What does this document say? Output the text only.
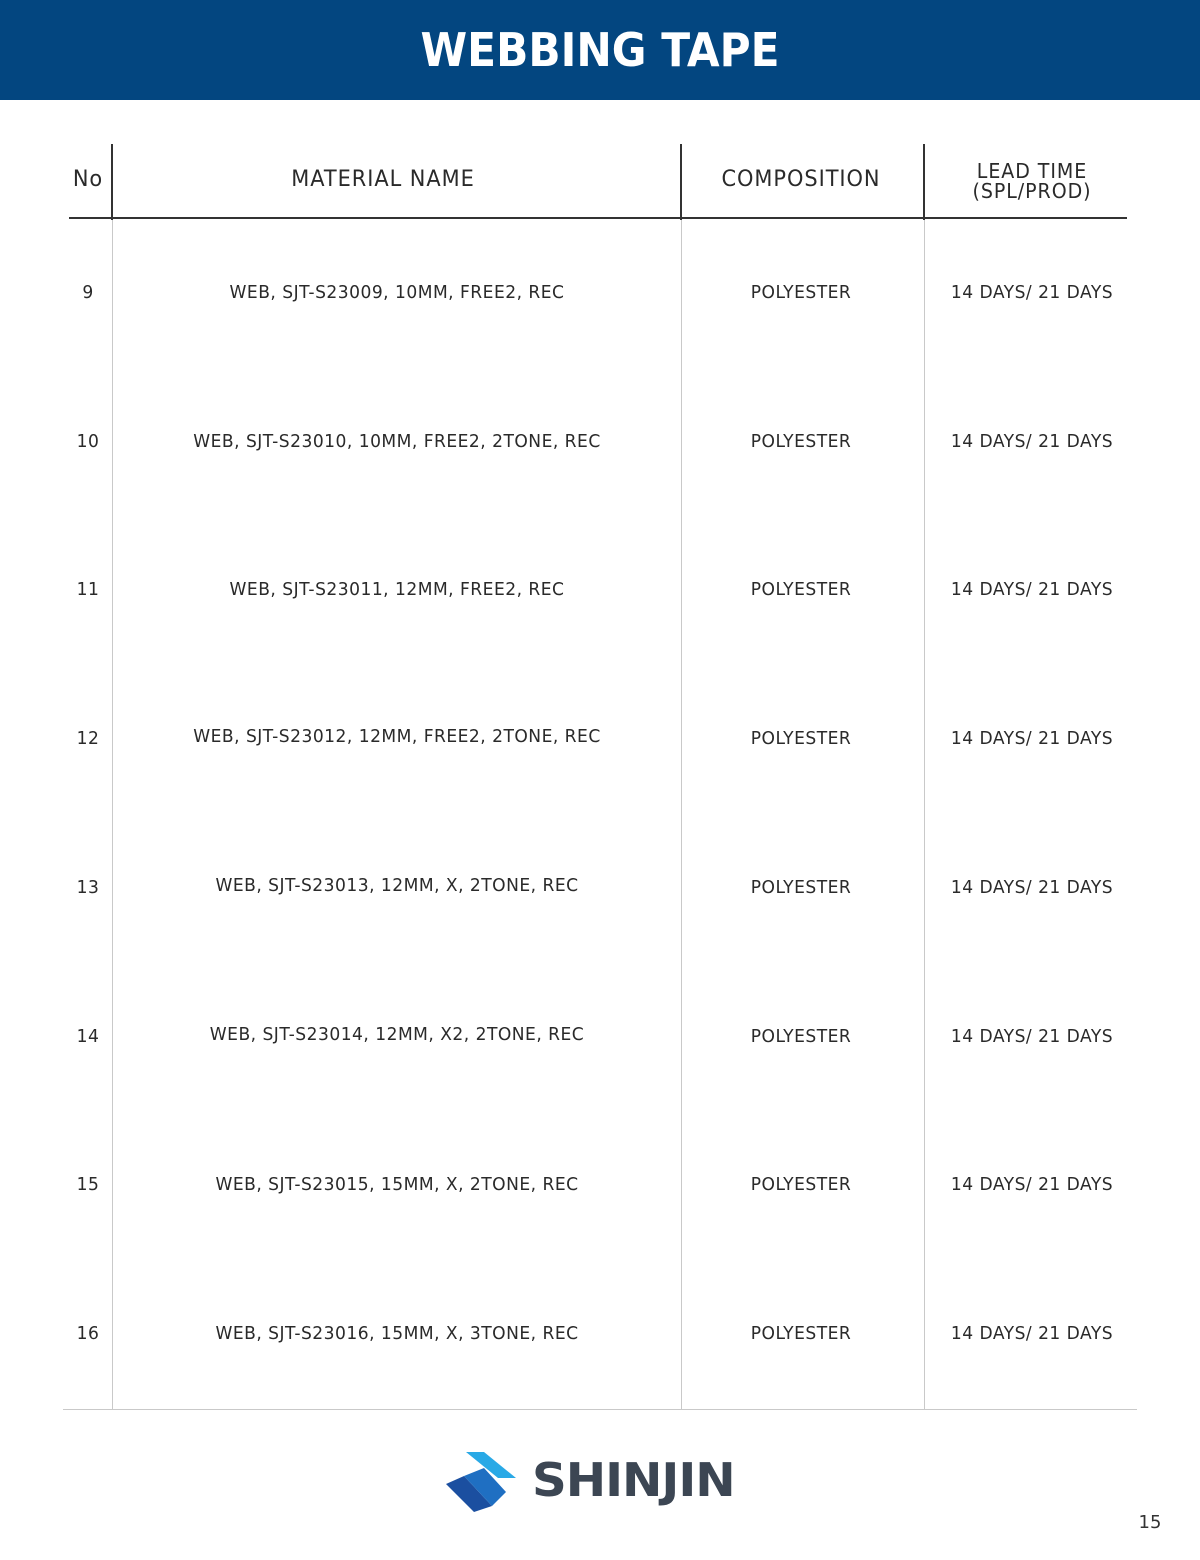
WEBBING TAPE
No	MATERIAL NAME	COMPOSITION	LEAD TIME
(SPL/PROD)
9	WEB, SJT-S23009, 10MM, FREE2, REC	POLYESTER	14 DAYS/ 21 DAYS
10	WEB, SJT-S23010, 10MM, FREE2, 2TONE, REC	POLYESTER	14 DAYS/ 21 DAYS
11	WEB, SJT-S23011, 12MM, FREE2, REC	POLYESTER	14 DAYS/ 21 DAYS
12	WEB, SJT-S23012, 12MM, FREE2, 2TONE, REC	POLYESTER	14 DAYS/ 21 DAYS
13	WEB, SJT-S23013, 12MM, X, 2TONE, REC	POLYESTER	14 DAYS/ 21 DAYS
14	WEB, SJT-S23014, 12MM, X2, 2TONE, REC	POLYESTER	14 DAYS/ 21 DAYS
15	WEB, SJT-S23015, 15MM, X, 2TONE, REC	POLYESTER	14 DAYS/ 21 DAYS
16	WEB, SJT-S23016, 15MM, X, 3TONE, REC	POLYESTER	14 DAYS/ 21 DAYS
SHINJIN
15
